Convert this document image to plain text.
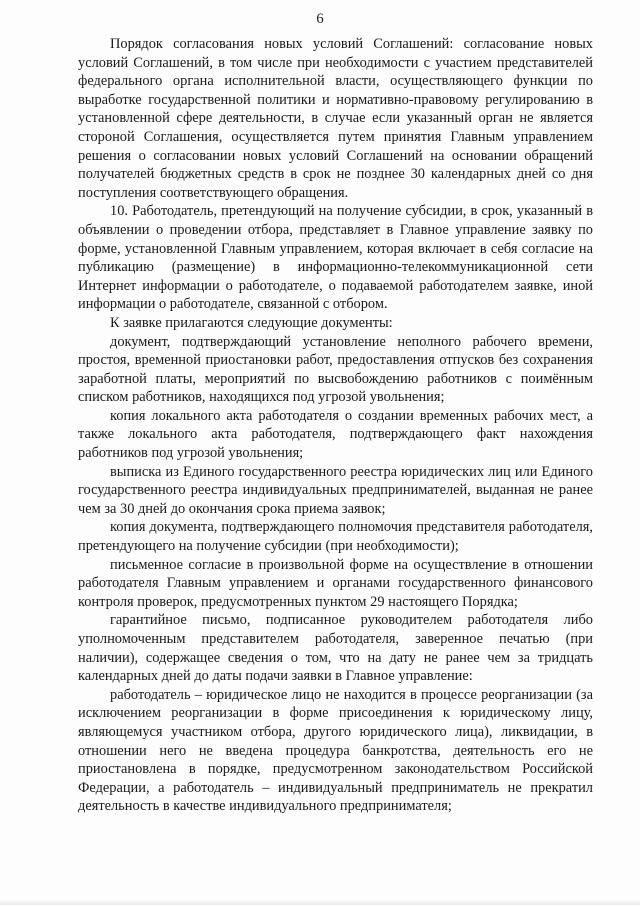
6

Порядок согласования новых условий Соглашений: согласование новых условий Соглашений, в том числе при необходимости с участием представителей федерального органа исполнительной власти, осуществляющего функции по выработке государственной политики и нормативно-правовому регулированию в установленной сфере деятельности, в случае если указанный орган не является стороной Соглашения, осуществляется путем принятия Главным управлением решения о согласовании новых условий Соглашений на основании обращений получателей бюджетных средств в срок не позднее 30 календарных дней со дня поступления соответствующего обращения.

10. Работодатель, претендующий на получение субсидии, в срок, указанный в объявлении о проведении отбора, представляет в Главное управление заявку по форме, установленной Главным управлением, которая включает в себя согласие на публикацию (размещение) в информационно-телекоммуникационной сети Интернет информации о работодателе, о подаваемой работодателем заявке, иной информации о работодателе, связанной с отбором.

К заявке прилагаются следующие документы:

документ, подтверждающий установление неполного рабочего времени, простоя, временной приостановки работ, предоставления отпусков без сохранения заработной платы, мероприятий по высвобождению работников с поимённым списком работников, находящихся под угрозой увольнения;

копия локального акта работодателя о создании временных рабочих мест, а также локального акта работодателя, подтверждающего факт нахождения работников под угрозой увольнения;

выписка из Единого государственного реестра юридических лиц или Единого государственного реестра индивидуальных предпринимателей, выданная не ранее чем за 30 дней до окончания срока приема заявок;

копия документа, подтверждающего полномочия представителя работодателя, претендующего на получение субсидии (при необходимости);

письменное согласие в произвольной форме на осуществление в отношении работодателя Главным управлением и органами государственного финансового контроля проверок, предусмотренных пунктом 29 настоящего Порядка;

гарантийное письмо, подписанное руководителем работодателя либо уполномоченным представителем работодателя, заверенное печатью (при наличии), содержащее сведения о том, что на дату не ранее чем за тридцать календарных дней до даты подачи заявки в Главное управление:

работодатель – юридическое лицо не находится в процессе реорганизации (за исключением реорганизации в форме присоединения к юридическому лицу, являющемуся участником отбора, другого юридического лица), ликвидации, в отношении него не введена процедура банкротства, деятельность его не приостановлена в порядке, предусмотренном законодательством Российской Федерации, а работодатель – индивидуальный предприниматель не прекратил деятельность в качестве индивидуального предпринимателя;
